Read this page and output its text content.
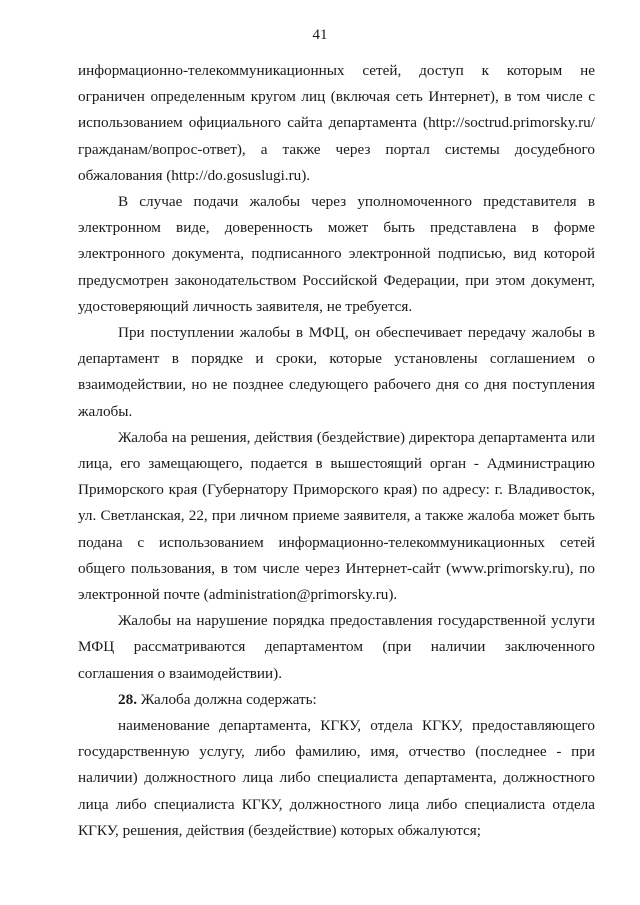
41

информационно-телекоммуникационных сетей, доступ к которым не ограничен определенным кругом лиц (включая сеть Интернет), в том числе с использованием официального сайта департамента (http://soctrud.primorsky.ru/гражданам/вопрос-ответ), а также через портал системы досудебного обжалования (http://do.gosuslugi.ru).

В случае подачи жалобы через уполномоченного представителя в электронном виде, доверенность может быть представлена в форме электронного документа, подписанного электронной подписью, вид которой предусмотрен законодательством Российской Федерации, при этом документ, удостоверяющий личность заявителя, не требуется.

При поступлении жалобы в МФЦ, он обеспечивает передачу жалобы в департамент в порядке и сроки, которые установлены соглашением о взаимодействии, но не позднее следующего рабочего дня со дня поступления жалобы.

Жалоба на решения, действия (бездействие) директора департамента или лица, его замещающего, подается в вышестоящий орган - Администрацию Приморского края (Губернатору Приморского края) по адресу: г. Владивосток, ул. Светланская, 22, при личном приеме заявителя, а также жалоба может быть подана с использованием информационно-телекоммуникационных сетей общего пользования, в том числе через Интернет-сайт (www.primorsky.ru), по электронной почте (administration@primorsky.ru).

Жалобы на нарушение порядка предоставления государственной услуги МФЦ рассматриваются департаментом (при наличии заключенного соглашения о взаимодействии).

28. Жалоба должна содержать:

наименование департамента, КГКУ, отдела КГКУ, предоставляющего государственную услугу, либо фамилию, имя, отчество (последнее - при наличии) должностного лица либо специалиста департамента, должностного лица либо специалиста КГКУ, должностного лица либо специалиста отдела КГКУ, решения, действия (бездействие) которых обжалуются;
